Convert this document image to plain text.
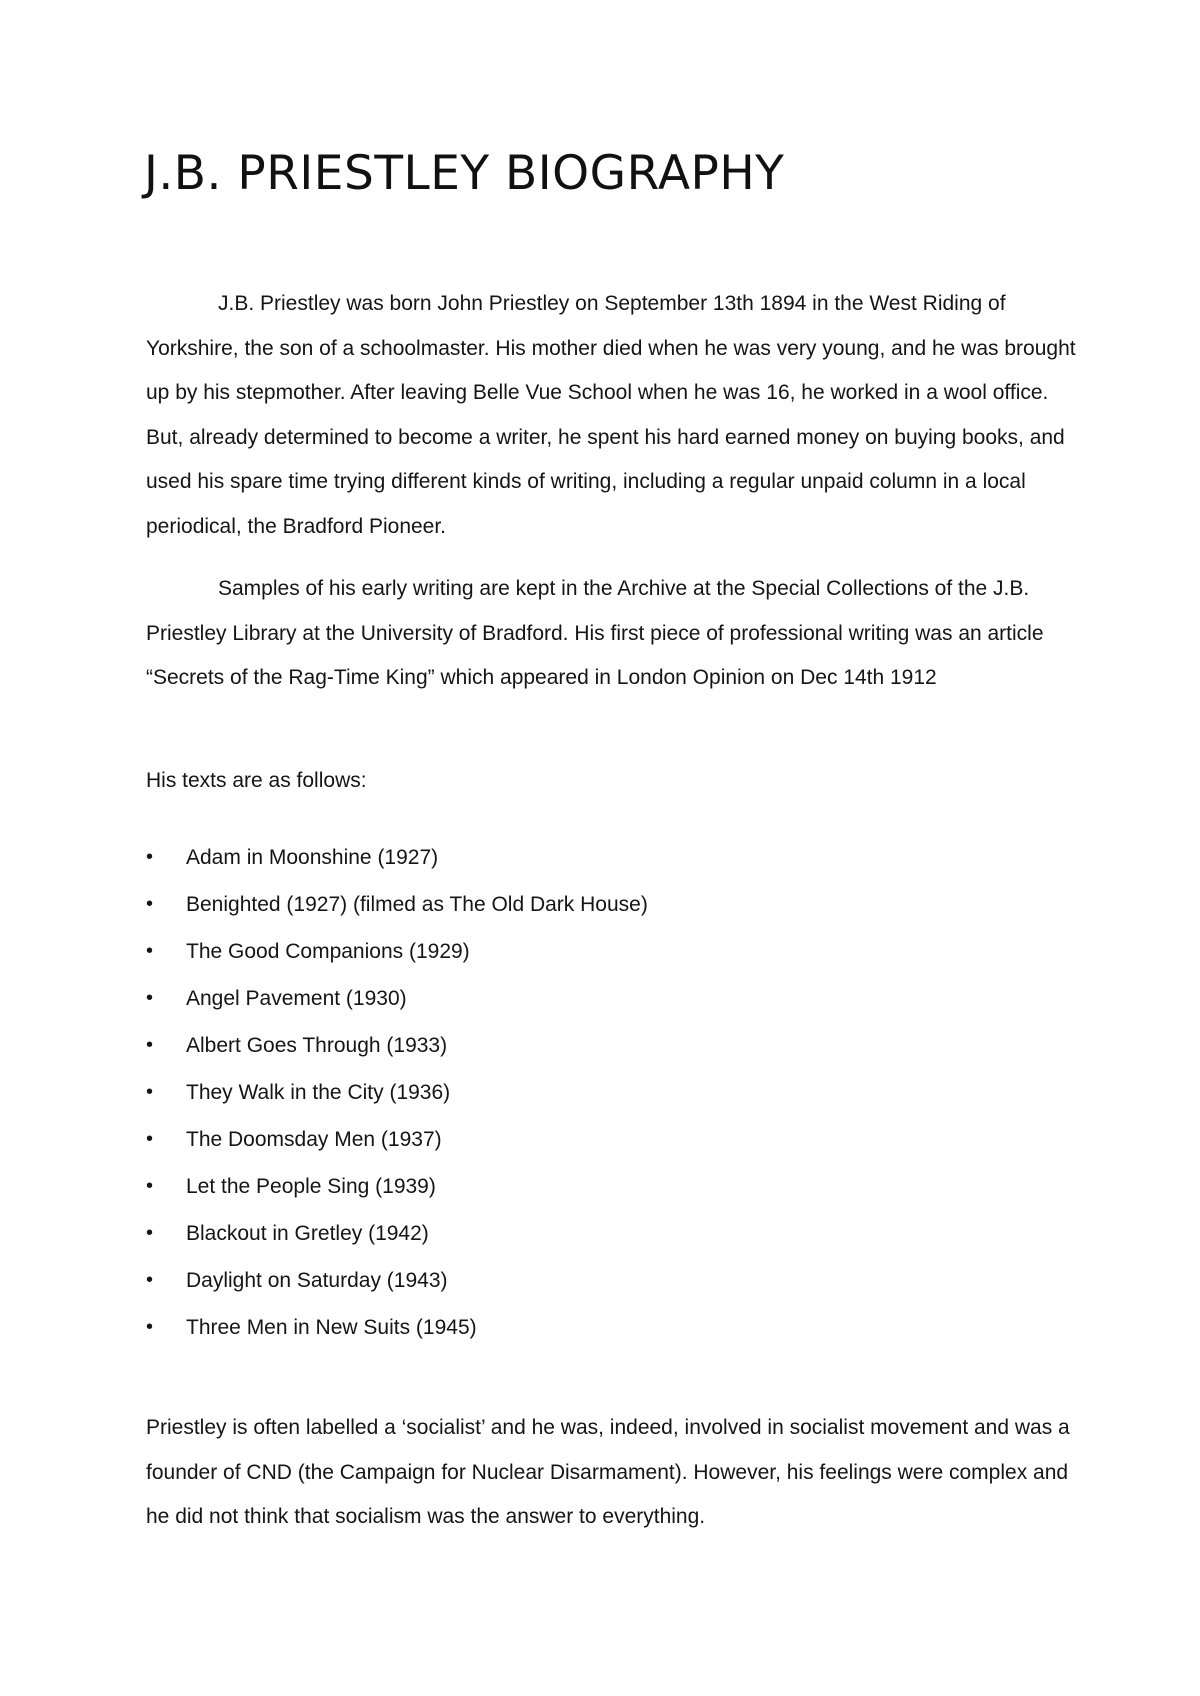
J.B. PRIESTLEY BIOGRAPHY

J.B. Priestley was born John Priestley on September 13th 1894 in the West Riding of Yorkshire, the son of a schoolmaster. His mother died when he was very young, and he was brought up by his stepmother. After leaving Belle Vue School when he was 16, he worked in a wool office. But, already determined to become a writer, he spent his hard earned money on buying books, and used his spare time trying different kinds of writing, including a regular unpaid column in a local periodical, the Bradford Pioneer.

Samples of his early writing are kept in the Archive at the Special Collections of the J.B. Priestley Library at the University of Bradford. His first piece of professional writing was an article “Secrets of the Rag-Time King” which appeared in London Opinion on Dec 14th 1912

His texts are as follows:

•	Adam in Moonshine (1927)
•	Benighted (1927) (filmed as The Old Dark House)
•	The Good Companions (1929)
•	Angel Pavement (1930)
•	Albert Goes Through (1933)
•	They Walk in the City (1936)
•	The Doomsday Men (1937)
•	Let the People Sing (1939)
•	Blackout in Gretley (1942)
•	Daylight on Saturday (1943)
•	Three Men in New Suits (1945)

Priestley is often labelled a ‘socialist’ and he was, indeed, involved in socialist movement and was a founder of CND (the Campaign for Nuclear Disarmament). However, his feelings were complex and he did not think that socialism was the answer to everything.
